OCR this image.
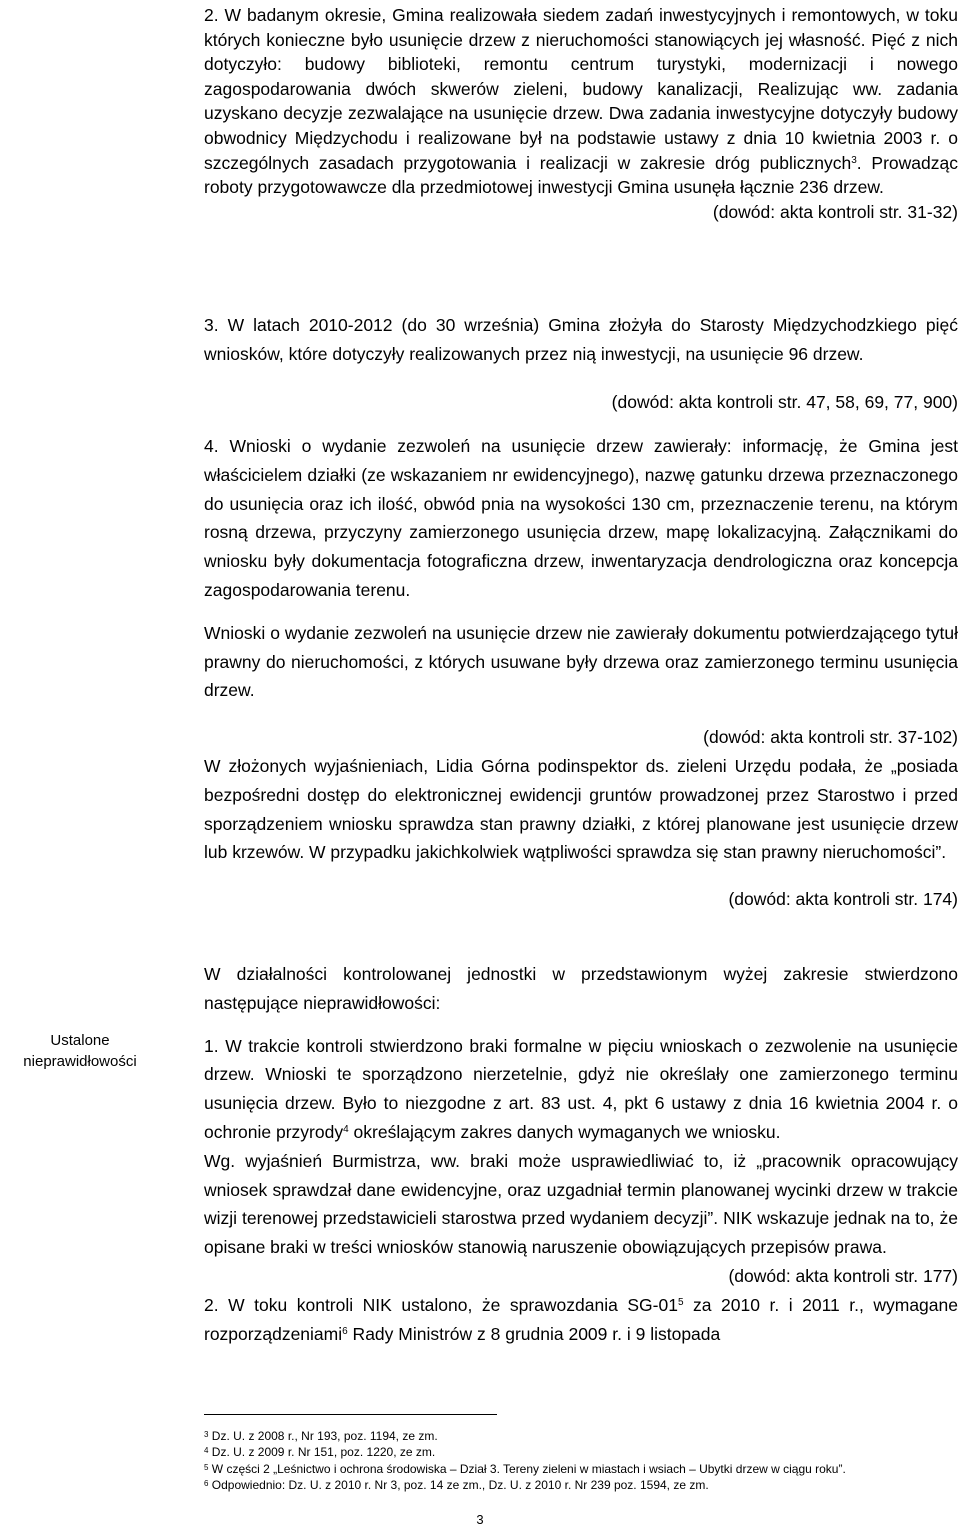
Ustalone
nieprawidłowości

2. W badanym okresie, Gmina realizowała siedem zadań inwestycyjnych i remontowych, w toku których konieczne było usunięcie drzew z nieruchomości stanowiących jej własność. Pięć z nich dotyczyło: budowy biblioteki, remontu centrum turystyki, modernizacji i nowego zagospodarowania dwóch skwerów zieleni, budowy kanalizacji, Realizując ww. zadania uzyskano decyzje zezwalające na usunięcie drzew. Dwa zadania inwestycyjne dotyczyły budowy obwodnicy Międzychodu i realizowane był na podstawie ustawy z dnia 10 kwietnia 2003 r. o szczególnych zasadach przygotowania i realizacji w zakresie dróg publicznych$^3$. Prowadząc roboty przygotowawcze dla przedmiotowej inwestycji Gmina usunęła łącznie 236 drzew.

(dowód: akta kontroli str. 31-32)

3. W latach 2010-2012 (do 30 września) Gmina złożyła do Starosty Międzychodzkiego pięć wniosków, które dotyczyły realizowanych przez nią inwestycji, na usunięcie 96 drzew.

(dowód: akta kontroli str. 47, 58, 69, 77, 900)

4. Wnioski o wydanie zezwoleń na usunięcie drzew zawierały: informację, że Gmina jest właścicielem działki (ze wskazaniem nr ewidencyjnego), nazwę gatunku drzewa przeznaczonego do usunięcia oraz ich ilość, obwód pnia na wysokości 130 cm, przeznaczenie terenu, na którym rosną drzewa, przyczyny zamierzonego usunięcia drzew, mapę lokalizacyjną. Załącznikami do wniosku były dokumentacja fotograficzna drzew, inwentaryzacja dendrologiczna oraz koncepcja zagospodarowania terenu.

Wnioski o wydanie zezwoleń na usunięcie drzew nie zawierały dokumentu potwierdzającego tytuł prawny do nieruchomości, z których usuwane były drzewa oraz zamierzonego terminu usunięcia drzew.

(dowód: akta kontroli str. 37-102)

W złożonych wyjaśnieniach, Lidia Górna podinspektor ds. zieleni Urzędu podała, że „posiada bezpośredni dostęp do elektronicznej ewidencji gruntów prowadzonej przez Starostwo i przed sporządzeniem wniosku sprawdza stan prawny działki, z której planowane jest usunięcie drzew lub krzewów. W przypadku jakichkolwiek wątpliwości sprawdza się stan prawny nieruchomości”.

(dowód: akta kontroli str. 174)

W działalności kontrolowanej jednostki w przedstawionym wyżej zakresie stwierdzono następujące nieprawidłowości:

1. W trakcie kontroli stwierdzono braki formalne w pięciu wnioskach o zezwolenie na usunięcie drzew. Wnioski te sporządzono nierzetelnie, gdyż nie określały one zamierzonego terminu usunięcia drzew. Było to niezgodne z art. 83 ust. 4, pkt 6 ustawy z dnia 16 kwietnia 2004 r. o ochronie przyrody$^4$ określającym zakres danych wymaganych we wniosku.

Wg. wyjaśnień Burmistrza, ww. braki może usprawiedliwiać to, iż „pracownik opracowujący wniosek sprawdzał dane ewidencyjne, oraz uzgadniał termin planowanej wycinki drzew w trakcie wizji terenowej przedstawicieli starostwa przed wydaniem decyzji”. NIK wskazuje jednak na to, że opisane braki w treści wniosków stanowią naruszenie obowiązujących przepisów prawa.

(dowód: akta kontroli str. 177)

2. W toku kontroli NIK ustalono, że sprawozdania $SG-01^5$ za 2010 r. i 2011 r., wymagane rozporządzeniami$^6$ Rady Ministrów z 8 grudnia 2009 r. i 9 listopada

$^3$ Dz. U. z 2008 r., Nr 193, poz. 1194, ze zm.

$^4$ Dz. U. z 2009 r. Nr 151, poz. 1220, ze zm.

$^5$ W części 2 „Leśnictwo i ochrona środowiska – Dział 3. Tereny zieleni w miastach i wsiach – Ubytki drzew w ciągu roku”.

$^6$ Odpowiednio: Dz. U. z 2010 r. Nr 3, poz. 14 ze zm., Dz. U. z 2010 r. Nr 239 poz. 1594, ze zm.

3
